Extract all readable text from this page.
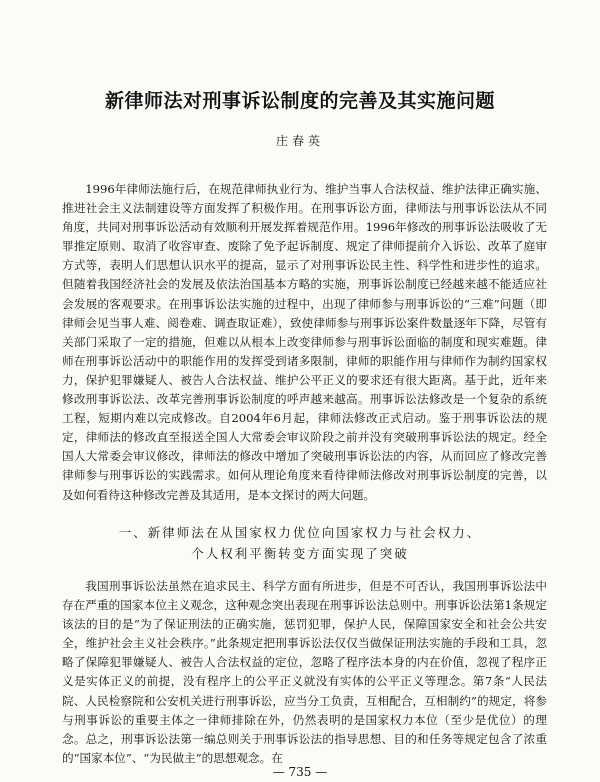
新律师法对刑事诉讼制度的完善及其实施问题
庄春英

1996年律师法施行后，在规范律师执业行为、维护当事人合法权益、维护法律正确实施、推进社会主义法制建设等方面发挥了积极作用。在刑事诉讼方面，律师法与刑事诉讼法从不同角度，共同对刑事诉讼活动有效顺利开展发挥着规范作用。1996年修改的刑事诉讼法吸收了无罪推定原则、取消了收容审查、废除了免予起诉制度、规定了律师提前介入诉讼、改革了庭审方式等，表明人们思想认识水平的提高，显示了对刑事诉讼民主性、科学性和进步性的追求。但随着我国经济社会的发展及依法治国基本方略的实施，刑事诉讼制度已经越来越不能适应社会发展的客观要求。在刑事诉讼法实施的过程中，出现了律师参与刑事诉讼的“三难”问题（即律师会见当事人难、阅卷难、调查取证难），致使律师参与刑事诉讼案件数量逐年下降，尽管有关部门采取了一定的措施，但难以从根本上改变律师参与刑事诉讼面临的制度和现实难题。律师在刑事诉讼活动中的职能作用的发挥受到诸多限制，律师的职能作用与律师作为制约国家权力，保护犯罪嫌疑人、被告人合法权益、维护公平正义的要求还有很大距离。基于此，近年来修改刑事诉讼法、改革完善刑事诉讼制度的呼声越来越高。刑事诉讼法修改是一个复杂的系统工程，短期内难以完成修改。自2004年6月起，律师法修改正式启动。鉴于刑事诉讼法的规定，律师法的修改直至报送全国人大常委会审议阶段之前并没有突破刑事诉讼法的规定。经全国人大常委会审议修改，律师法的修改中增加了突破刑事诉讼法的内容，从而回应了修改完善律师参与刑事诉讼的实践需求。如何从理论角度来看待律师法修改对刑事诉讼制度的完善，以及如何看待这种修改完善及其适用，是本文探讨的两大问题。

一、新律师法在从国家权力优位向国家权力与社会权力、
个人权利平衡转变方面实现了突破

我国刑事诉讼法虽然在追求民主、科学方面有所进步，但是不可否认，我国刑事诉讼法中存在严重的国家本位主义观念，这种观念突出表现在刑事诉讼法总则中。刑事诉讼法第1条规定该法的目的是“为了保证刑法的正确实施，惩罚犯罪，保护人民，保障国家安全和社会公共安全，维护社会主义社会秩序。”此条规定把刑事诉讼法仅仅当做保证刑法实施的手段和工具，忽略了保障犯罪嫌疑人、被告人合法权益的定位，忽略了程序法本身的内在价值，忽视了程序正义是实体正义的前提，没有程序上的公平正义就没有实体的公平正义等理念。第7条“人民法院、人民检察院和公安机关进行刑事诉讼，应当分工负责，互相配合，互相制约”的规定，将参与刑事诉讼的重要主体之一律师排除在外，仍然表明的是国家权力本位（至少是优位）的理念。总之，刑事诉讼法第一编总则关于刑事诉讼法的指导思想、目的和任务等规定包含了浓重的“国家本位”、“为民做主”的思想观念。在

— 735 —
